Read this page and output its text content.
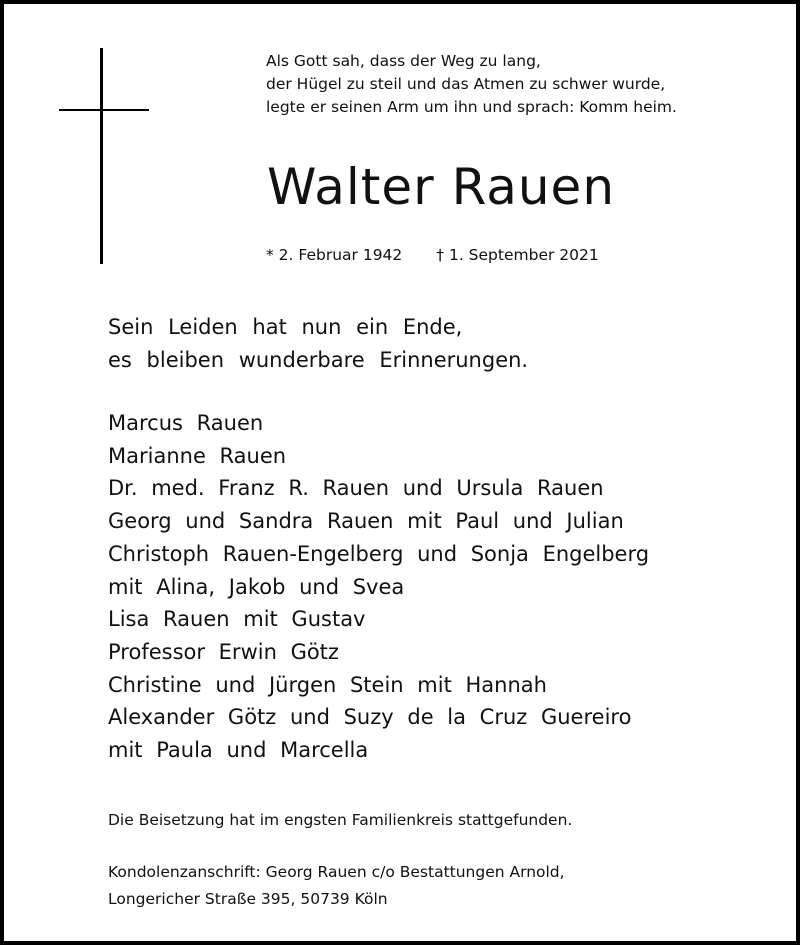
Als Gott sah, dass der Weg zu lang,
der Hügel zu steil und das Atmen zu schwer wurde,
legte er seinen Arm um ihn und sprach: Komm heim.
Walter Rauen
* 2. Februar 1942 † 1. September 2021
Sein Leiden hat nun ein Ende,
es bleiben wunderbare Erinnerungen.
Marcus Rauen
Marianne Rauen
Dr. med. Franz R. Rauen und Ursula Rauen
Georg und Sandra Rauen mit Paul und Julian
Christoph Rauen-Engelberg und Sonja Engelberg
mit Alina, Jakob und Svea
Lisa Rauen mit Gustav
Professor Erwin Götz
Christine und Jürgen Stein mit Hannah
Alexander Götz und Suzy de la Cruz Guereiro
mit Paula und Marcella
Die Beisetzung hat im engsten Familienkreis stattgefunden.
Kondolenzanschrift: Georg Rauen c/o Bestattungen Arnold,
Longericher Straße 395, 50739 Köln
